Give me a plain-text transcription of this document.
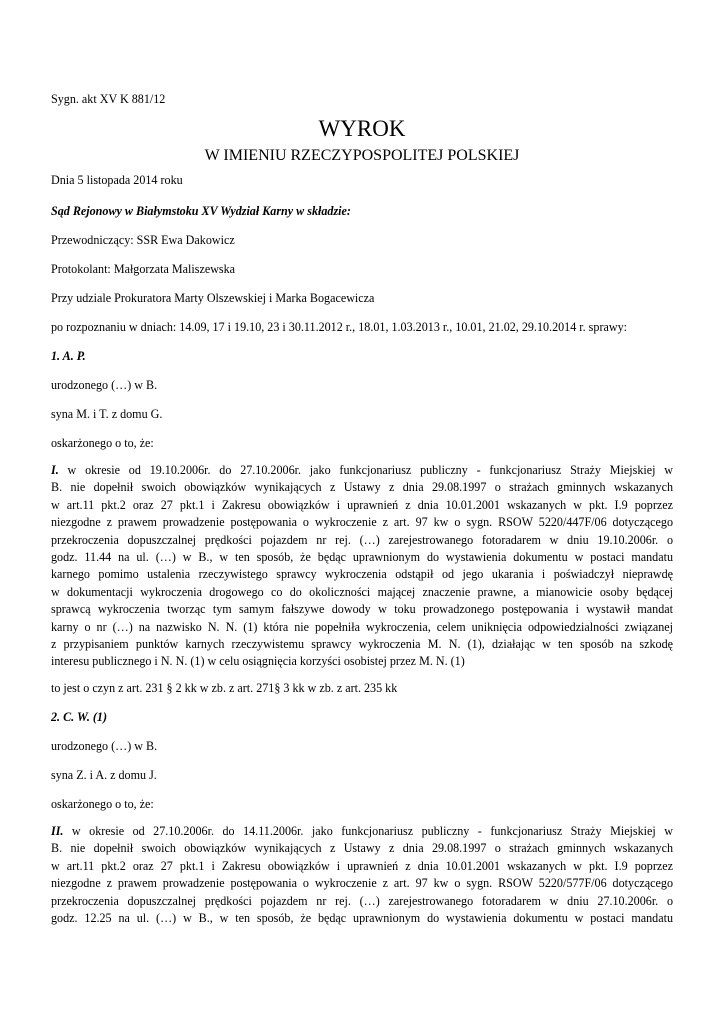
Sygn. akt XV K 881/12
WYROK
W IMIENIU RZECZYPOSPOLITEJ POLSKIEJ
Dnia 5 listopada 2014 roku
Sąd Rejonowy w Białymstoku XV Wydział Karny w składzie:
Przewodniczący: SSR Ewa Dakowicz
Protokolant: Małgorzata Maliszewska
Przy udziale Prokuratora Marty Olszewskiej i Marka Bogacewicza
po rozpoznaniu w dniach: 14.09, 17 i 19.10, 23 i 30.11.2012 r., 18.01, 1.03.2013 r., 10.01, 21.02, 29.10.2014 r. sprawy:
1. A. P.
urodzonego (…) w B.
syna M. i T. z domu G.
oskarżonego o to, że:
I. w okresie od 19.10.2006r. do 27.10.2006r. jako funkcjonariusz publiczny - funkcjonariusz Straży Miejskiej w
B. nie dopełnił swoich obowiązków wynikających z Ustawy z dnia 29.08.1997 o strażach gminnych wskazanych
w art.11 pkt.2 oraz 27 pkt.1 i Zakresu obowiązków i uprawnień z dnia 10.01.2001 wskazanych w pkt. I.9 poprzez
niezgodne z prawem prowadzenie postępowania o wykroczenie z art. 97 kw o sygn. RSOW 5220/447F/06 dotyczącego
przekroczenia dopuszczalnej prędkości pojazdem nr rej. (…) zarejestrowanego fotoradarem w dniu 19.10.2006r. o
godz. 11.44 na ul. (…) w B., w ten sposób, że będąc uprawnionym do wystawienia dokumentu w postaci mandatu
karnego pomimo ustalenia rzeczywistego sprawcy wykroczenia odstąpił od jego ukarania i poświadczył nieprawdę
w dokumentacji wykroczenia drogowego co do okoliczności mającej znaczenie prawne, a mianowicie osoby będącej
sprawcą wykroczenia tworząc tym samym fałszywe dowody w toku prowadzonego postępowania i wystawił mandat
karny o nr (…) na nazwisko N. N. (1) która nie popełniła wykroczenia, celem uniknięcia odpowiedzialności związanej
z przypisaniem punktów karnych rzeczywistemu sprawcy wykroczenia M. N. (1), działając w ten sposób na szkodę
interesu publicznego i N. N. (1) w celu osiągnięcia korzyści osobistej przez M. N. (1)
to jest o czyn z art. 231 § 2 kk w zb. z art. 271§ 3 kk w zb. z art. 235 kk
2. C. W. (1)
urodzonego (…) w B.
syna Z. i A. z domu J.
oskarżonego o to, że:
II. w okresie od 27.10.2006r. do 14.11.2006r. jako funkcjonariusz publiczny - funkcjonariusz Straży Miejskiej w
B. nie dopełnił swoich obowiązków wynikających z Ustawy z dnia 29.08.1997 o strażach gminnych wskazanych
w art.11 pkt.2 oraz 27 pkt.1 i Zakresu obowiązków i uprawnień z dnia 10.01.2001 wskazanych w pkt. I.9 poprzez
niezgodne z prawem prowadzenie postępowania o wykroczenie z art. 97 kw o sygn. RSOW 5220/577F/06 dotyczącego
przekroczenia dopuszczalnej prędkości pojazdem nr rej. (…) zarejestrowanego fotoradarem w dniu 27.10.2006r. o
godz. 12.25 na ul. (…) w B., w ten sposób, że będąc uprawnionym do wystawienia dokumentu w postaci mandatu
